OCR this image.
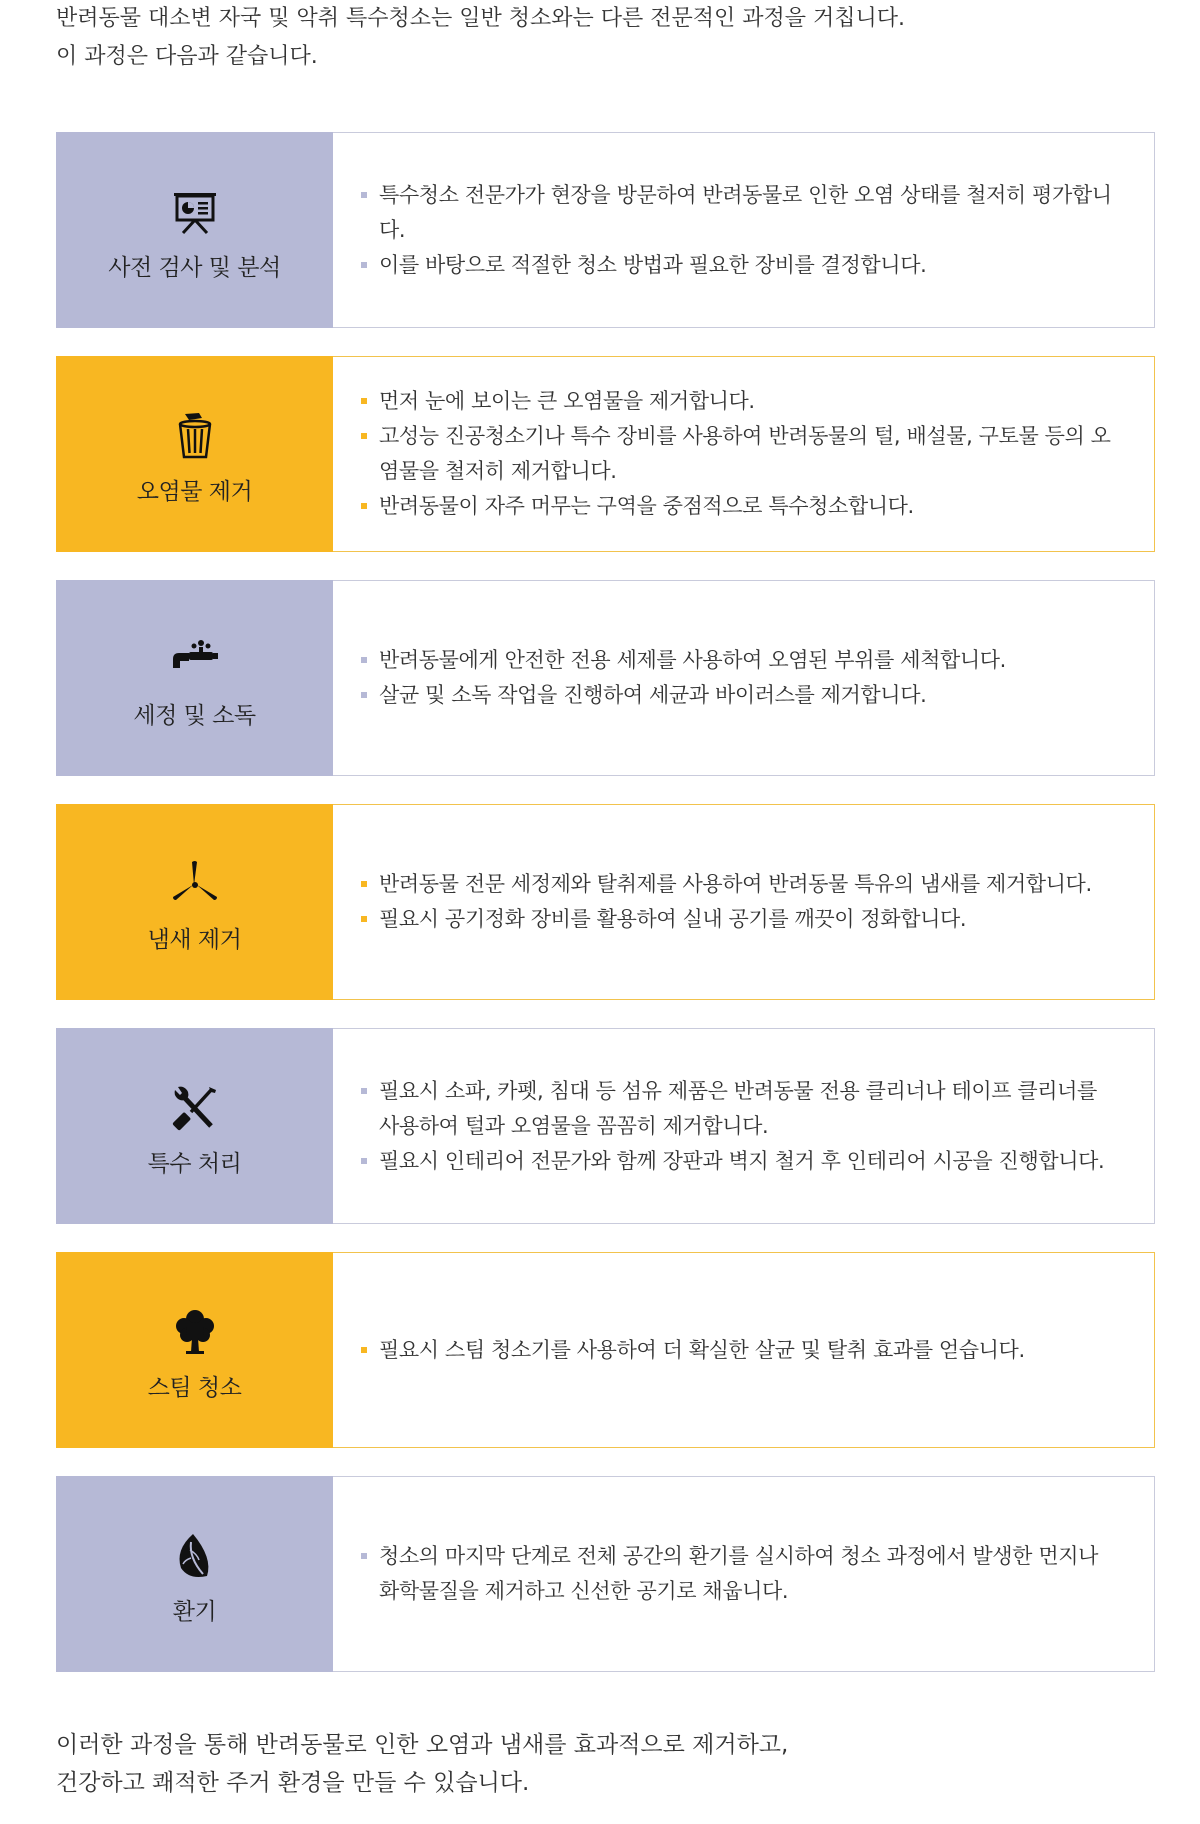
반려동물 대소변 자국 및 악취 특수청소는 일반 청소와는 다른 전문적인 과정을 거칩니다.

이 과정은 다음과 같습니다.

사전 검사 및 분석
특수청소 전문가가 현장을 방문하여 반려동물로 인한 오염 상태를 철저히 평가합니다.
이를 바탕으로 적절한 청소 방법과 필요한 장비를 결정합니다.
오염물 제거
먼저 눈에 보이는 큰 오염물을 제거합니다.
고성능 진공청소기나 특수 장비를 사용하여 반려동물의 털, 배설물, 구토물 등의 오염물을 철저히 제거합니다.
반려동물이 자주 머무는 구역을 중점적으로 특수청소합니다.
세정 및 소독
반려동물에게 안전한 전용 세제를 사용하여 오염된 부위를 세척합니다.
살균 및 소독 작업을 진행하여 세균과 바이러스를 제거합니다.
냄새 제거
반려동물 전문 세정제와 탈취제를 사용하여 반려동물 특유의 냄새를 제거합니다.
필요시 공기정화 장비를 활용하여 실내 공기를 깨끗이 정화합니다.
특수 처리
필요시 소파, 카펫, 침대 등 섬유 제품은 반려동물 전용 클리너나 테이프 클리너를 사용하여 털과 오염물을 꼼꼼히 제거합니다.
필요시 인테리어 전문가와 함께 장판과 벽지 철거 후 인테리어 시공을 진행합니다.
스팀 청소
필요시 스팀 청소기를 사용하여 더 확실한 살균 및 탈취 효과를 얻습니다.
환기
청소의 마지막 단계로 전체 공간의 환기를 실시하여 청소 과정에서 발생한 먼지나 화학물질을 제거하고 신선한 공기로 채웁니다.

이러한 과정을 통해 반려동물로 인한 오염과 냄새를 효과적으로 제거하고,

건강하고 쾌적한 주거 환경을 만들 수 있습니다.
